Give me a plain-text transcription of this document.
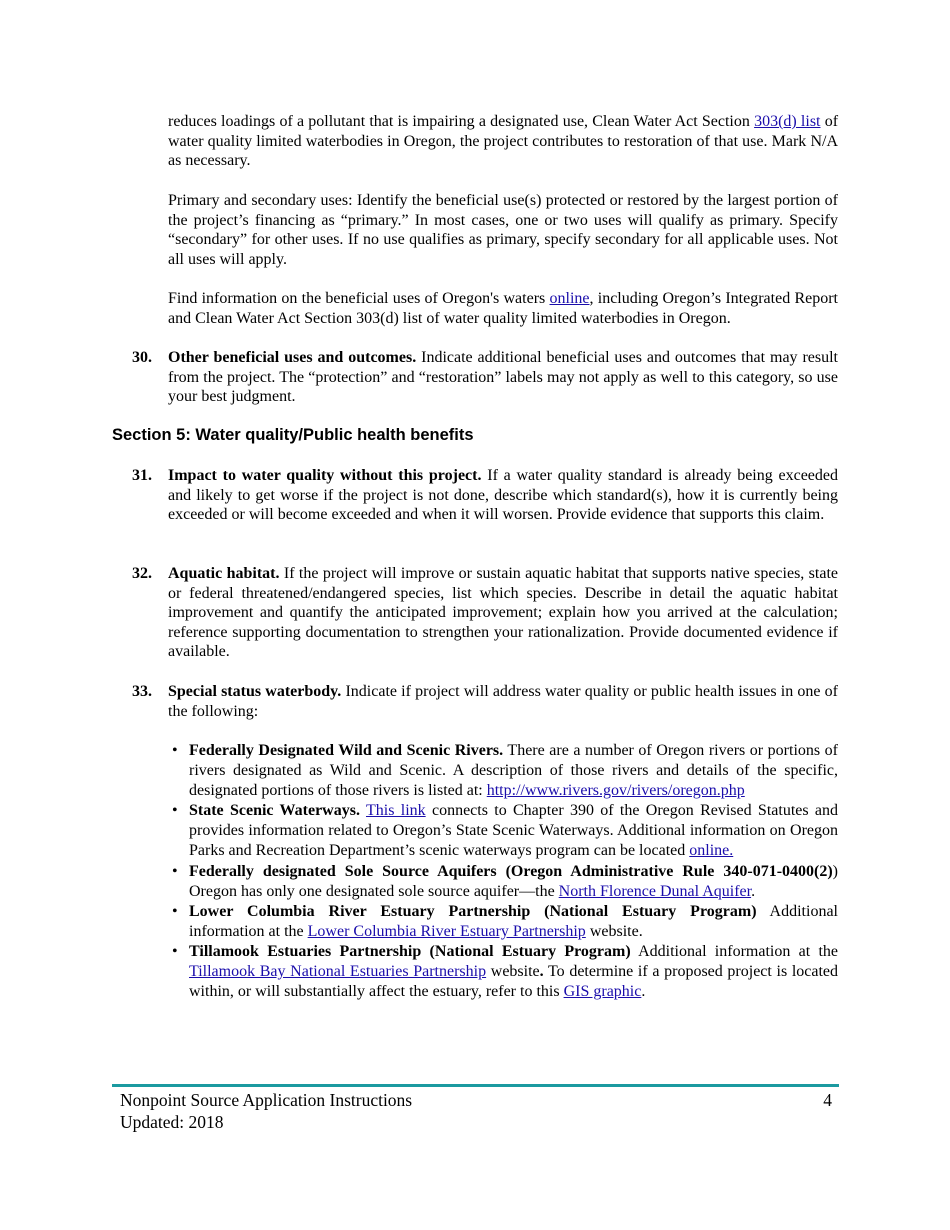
reduces loadings of a pollutant that is impairing a designated use, Clean Water Act Section 303(d) list of water quality limited waterbodies in Oregon, the project contributes to restoration of that use. Mark N/A as necessary.

Primary and secondary uses: Identify the beneficial use(s) protected or restored by the largest portion of the project’s financing as “primary.” In most cases, one or two uses will qualify as primary. Specify “secondary” for other uses. If no use qualifies as primary, specify secondary for all applicable uses. Not all uses will apply.

Find information on the beneficial uses of Oregon's waters online, including Oregon’s Integrated Report and Clean Water Act Section 303(d) list of water quality limited waterbodies in Oregon.

30. Other beneficial uses and outcomes. Indicate additional beneficial uses and outcomes that may result from the project. The “protection” and “restoration” labels may not apply as well to this category, so use your best judgment.
Section 5: Water quality/Public health benefits
31. Impact to water quality without this project. If a water quality standard is already being exceeded and likely to get worse if the project is not done, describe which standard(s), how it is currently being exceeded or will become exceeded and when it will worsen. Provide evidence that supports this claim.
32. Aquatic habitat. If the project will improve or sustain aquatic habitat that supports native species, state or federal threatened/endangered species, list which species. Describe in detail the aquatic habitat improvement and quantify the anticipated improvement; explain how you arrived at the calculation; reference supporting documentation to strengthen your rationalization. Provide documented evidence if available.
33. Special status waterbody. Indicate if project will address water quality or public health issues in one of the following:
• Federally Designated Wild and Scenic Rivers. There are a number of Oregon rivers or portions of rivers designated as Wild and Scenic. A description of those rivers and details of the specific, designated portions of those rivers is listed at: http://www.rivers.gov/rivers/oregon.php
• State Scenic Waterways. This link connects to Chapter 390 of the Oregon Revised Statutes and provides information related to Oregon’s State Scenic Waterways. Additional information on Oregon Parks and Recreation Department’s scenic waterways program can be located online.
• Federally designated Sole Source Aquifers (Oregon Administrative Rule 340-071-0400(2)) Oregon has only one designated sole source aquifer—the North Florence Dunal Aquifer.
• Lower Columbia River Estuary Partnership (National Estuary Program) Additional information at the Lower Columbia River Estuary Partnership website.
• Tillamook Estuaries Partnership (National Estuary Program) Additional information at the Tillamook Bay National Estuaries Partnership website. To determine if a proposed project is located within, or will substantially affect the estuary, refer to this GIS graphic.
Nonpoint Source Application Instructions
Updated: 2018
4
